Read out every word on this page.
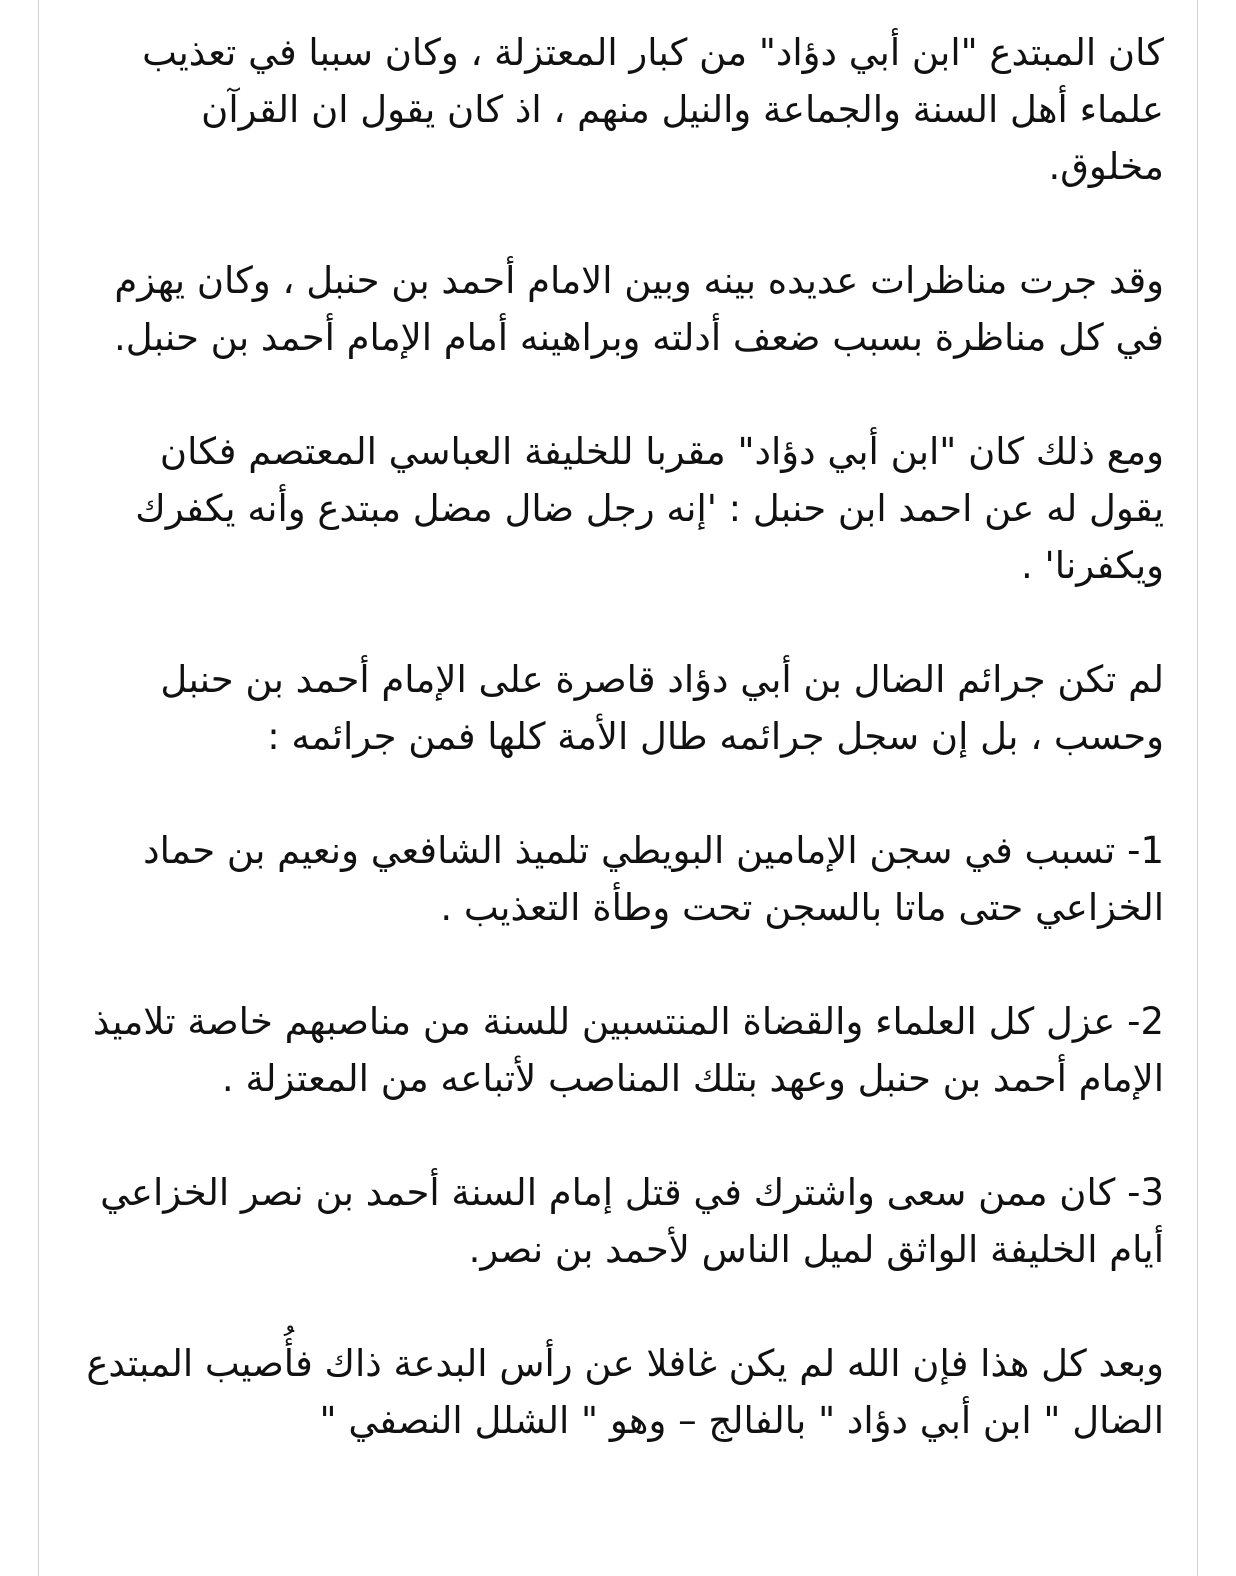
كان المبتدع "ابن أبي دؤاد" من كبار المعتزلة ، وكان سببا في تعذيب علماء أهل السنة والجماعة والنيل منهم ، اذ كان يقول ان القرآن مخلوق.

وقد جرت مناظرات عديده بينه وبين الامام أحمد بن حنبل ، وكان يهزم في كل مناظرة بسبب ضعف أدلته وبراهينه أمام الإمام أحمد بن حنبل.

ومع ذلك كان "ابن أبي دؤاد" مقربا للخليفة العباسي المعتصم فكان يقول له عن احمد ابن حنبل : 'إنه رجل ضال مضل مبتدع وأنه يكفرك ويكفرنا' .

لم تكن جرائم الضال بن أبي دؤاد قاصرة على الإمام أحمد بن حنبل وحسب ، بل إن سجل جرائمه طال الأمة كلها فمن جرائمه :

1- تسبب في سجن الإمامين البويطي تلميذ الشافعي ونعيم بن حماد الخزاعي حتى ماتا بالسجن تحت وطأة التعذيب .

2- عزل كل العلماء والقضاة المنتسبين للسنة من مناصبهم خاصة تلاميذ الإمام أحمد بن حنبل وعهد بتلك المناصب لأتباعه من المعتزلة .

3- كان ممن سعى واشترك في قتل إمام السنة أحمد بن نصر الخزاعي أيام الخليفة الواثق لميل الناس لأحمد بن نصر.

وبعد كل هذا فإن الله لم يكن غافلا عن رأس البدعة ذاك فأُصيب المبتدع الضال " ابن أبي دؤاد " بالفالج – وهو " الشلل النصفي "
